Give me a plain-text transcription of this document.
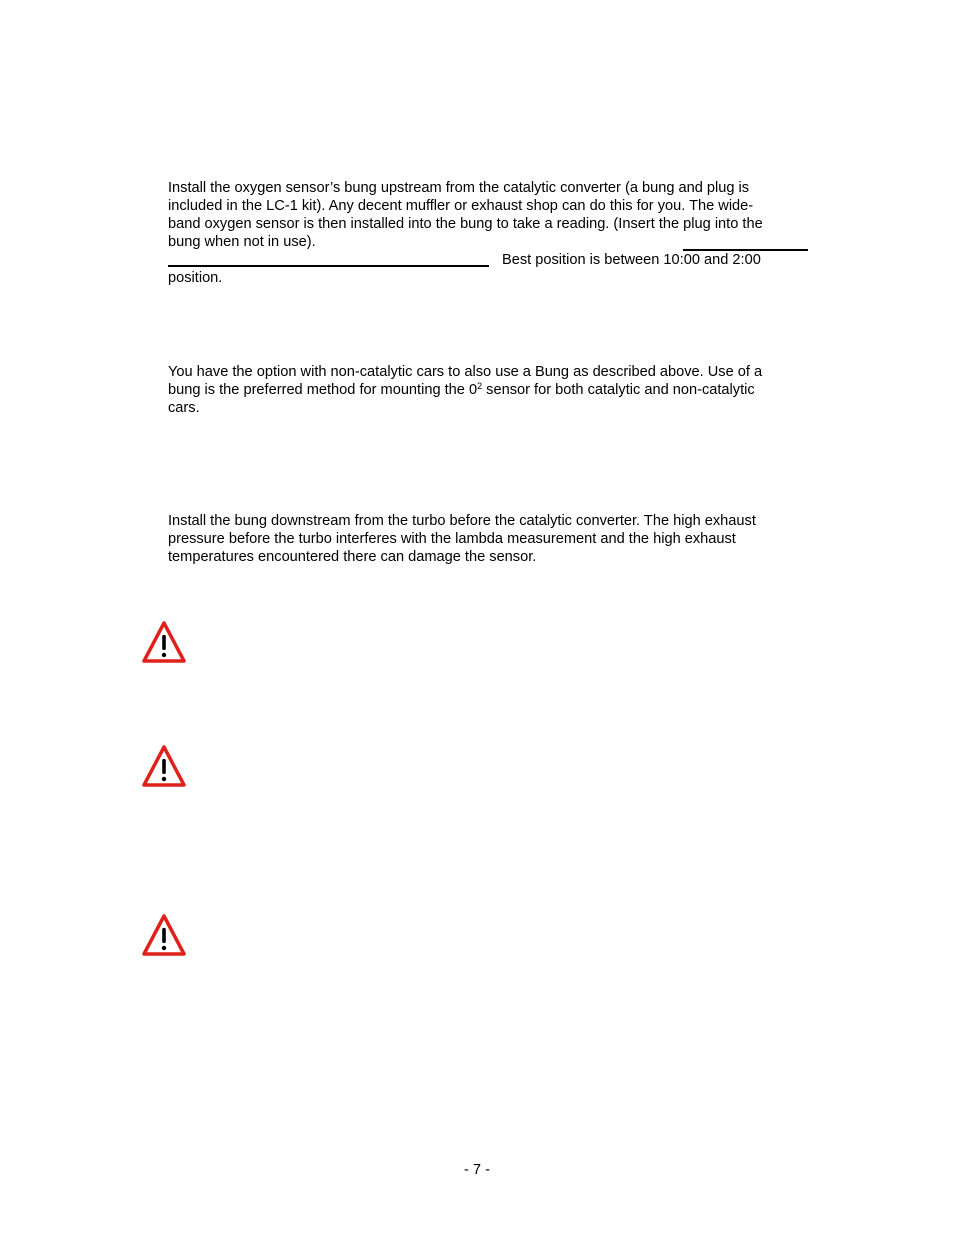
Install the oxygen sensor’s bung upstream from the catalytic converter (a bung and plug is
included in the LC-1 kit). Any decent muffler or exhaust shop can do this for you. The wide-
band oxygen sensor is then installed into the bung to take a reading. (Insert the plug into the
bung when not in use).
Best position is between 10:00 and 2:00
position.
You have the option with non-catalytic cars to also use a Bung as described above. Use of a
bung is the preferred method for mounting the $0^2$ sensor for both catalytic and non-catalytic
cars.
Install the bung downstream from the turbo before the catalytic converter. The high exhaust
pressure before the turbo interferes with the lambda measurement and the high exhaust
temperatures encountered there can damage the sensor.
- 7 -
